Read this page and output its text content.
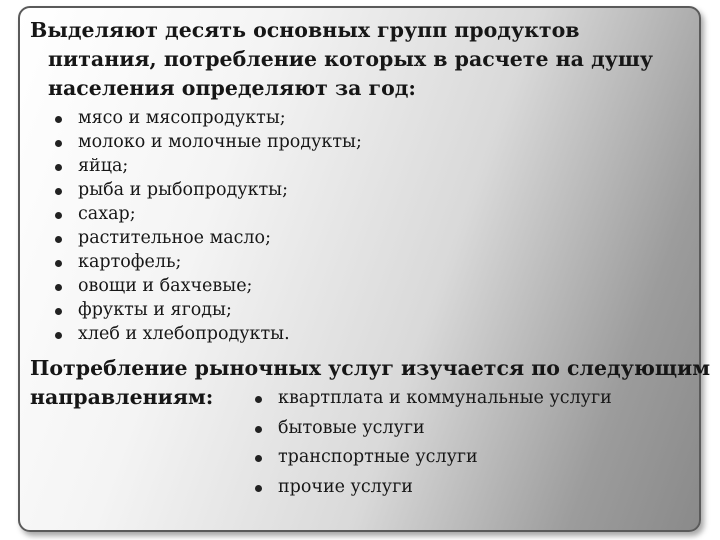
Выделяют десять основных групп продуктов
питания, потребление которых в расчете на душу
населения определяют за год:
мясо и мясопродукты;
молоко и молочные продукты;
яйца;
рыба и рыбопродукты;
сахар;
растительное масло;
картофель;
овощи и бахчевые;
фрукты и ягоды;
хлеб и хлебопродукты.
Потребление рыночных услуг изучается по следующим
направлениям:	квартплата и коммунальные услуги
бытовые услуги
транспортные услуги
прочие услуги
